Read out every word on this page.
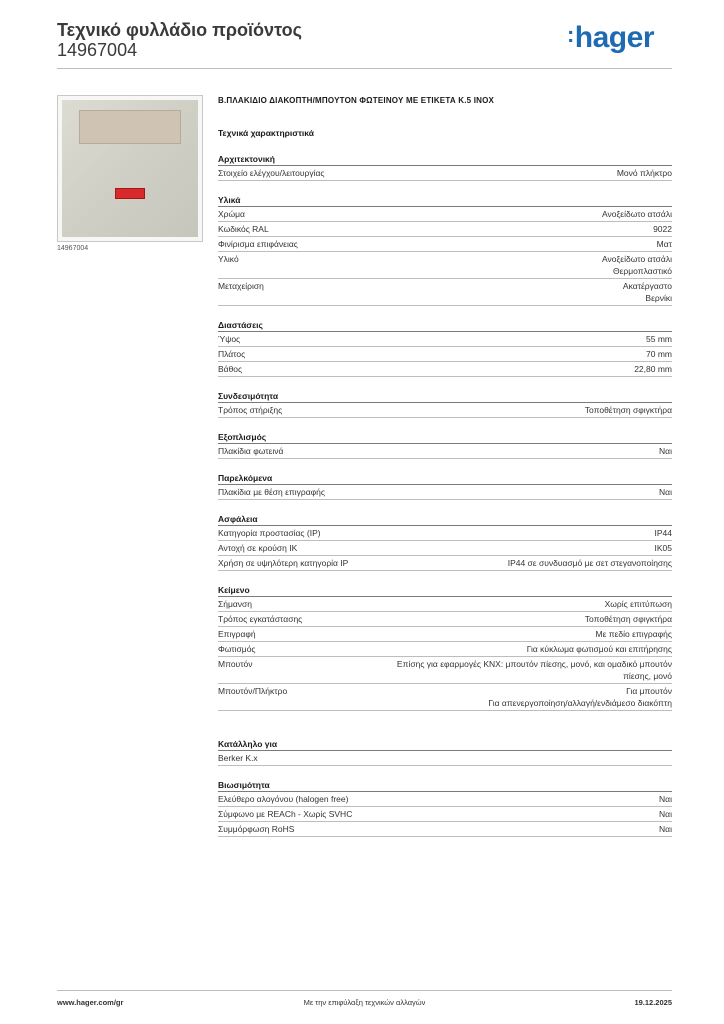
Τεχνικό φυλλάδιο προϊόντος
14967004
:hager
14967004
Β.ΠΛΑΚΙΔΙΟ ΔΙΑΚΟΠΤΗ/ΜΠΟΥΤΟΝ ΦΩΤΕΙΝΟΥ ΜΕ ΕΤΙΚΕΤΑ Κ.5 INOX
Τεχνικά χαρακτηριστικά
Αρχιτεκτονική
Στοιχείο ελέγχου/λειτουργίας	Μονό πλήκτρο
Υλικά
Χρώμα	Ανοξείδωτο ατσάλι
Κωδικός RAL	9022
Φινίρισμα επιφάνειας	Ματ
Υλικό	Ανοξείδωτο ατσάλι
Θερμοπλαστικό
Μεταχείριση	Ακατέργαστο
Βερνίκι
Διαστάσεις
Ύψος	55 mm
Πλάτος	70 mm
Βάθος	22,80 mm
Συνδεσιμότητα
Τρόπος στήριξης	Τοποθέτηση σφιγκτήρα
Εξοπλισμός
Πλακίδια φωτεινά	Ναι
Παρελκόμενα
Πλακίδια με θέση επιγραφής	Ναι
Ασφάλεια
Κατηγορία προστασίας (IP)	IP44
Αντοχή σε κρούση IK	IK05
Χρήση σε υψηλότερη κατηγορία IP	IP44 σε συνδυασμό με σετ στεγανοποίησης
Κείμενο
Σήμανση	Χωρίς επιτύπωση
Τρόπος εγκατάστασης	Τοποθέτηση σφιγκτήρα
Επιγραφή	Με πεδίο επιγραφής
Φωτισμός	Για κύκλωμα φωτισμού και επιτήρησης
Μπουτόν	Επίσης για εφαρμογές KNX: μπουτόν πίεσης, μονό, και ομαδικό μπουτόν πίεσης, μονό
Μπουτόν/Πλήκτρο	Για μπουτόν
Για απενεργοποίηση/αλλαγή/ενδιάμεσο διακόπτη
Κατάλληλο για
Berker K.x
Βιωσιμότητα
Ελεύθερο αλογόνου (halogen free)	Ναι
Σύμφωνο με REACh - Χωρίς SVHC	Ναι
Συμμόρφωση RoHS	Ναι
www.hager.com/gr	Με την επιφύλαξη τεχνικών αλλαγών	19.12.2025
